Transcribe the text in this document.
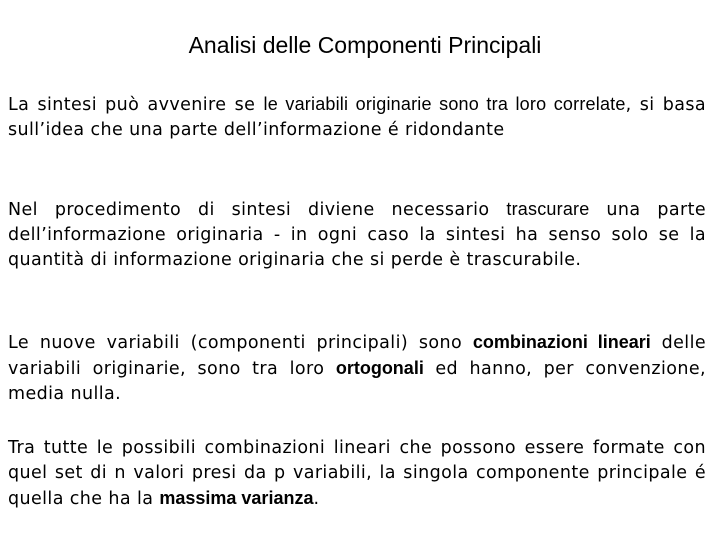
Analisi delle Componenti Principali

La sintesi può avvenire se le variabili originarie sono tra loro correlate, si basa sull’idea che una parte dell’informazione é ridondante

Nel procedimento di sintesi diviene necessario trascurare una parte dell’informazione originaria - in ogni caso la sintesi ha senso solo se la quantità di informazione originaria che si perde è trascurabile.

Le nuove variabili (componenti principali) sono combinazioni lineari delle variabili originarie, sono tra loro ortogonali ed hanno, per convenzione, media nulla.

Tra tutte le possibili combinazioni lineari che possono essere formate con quel set di n valori presi da p variabili, la singola componente principale é quella che ha la massima varianza.
